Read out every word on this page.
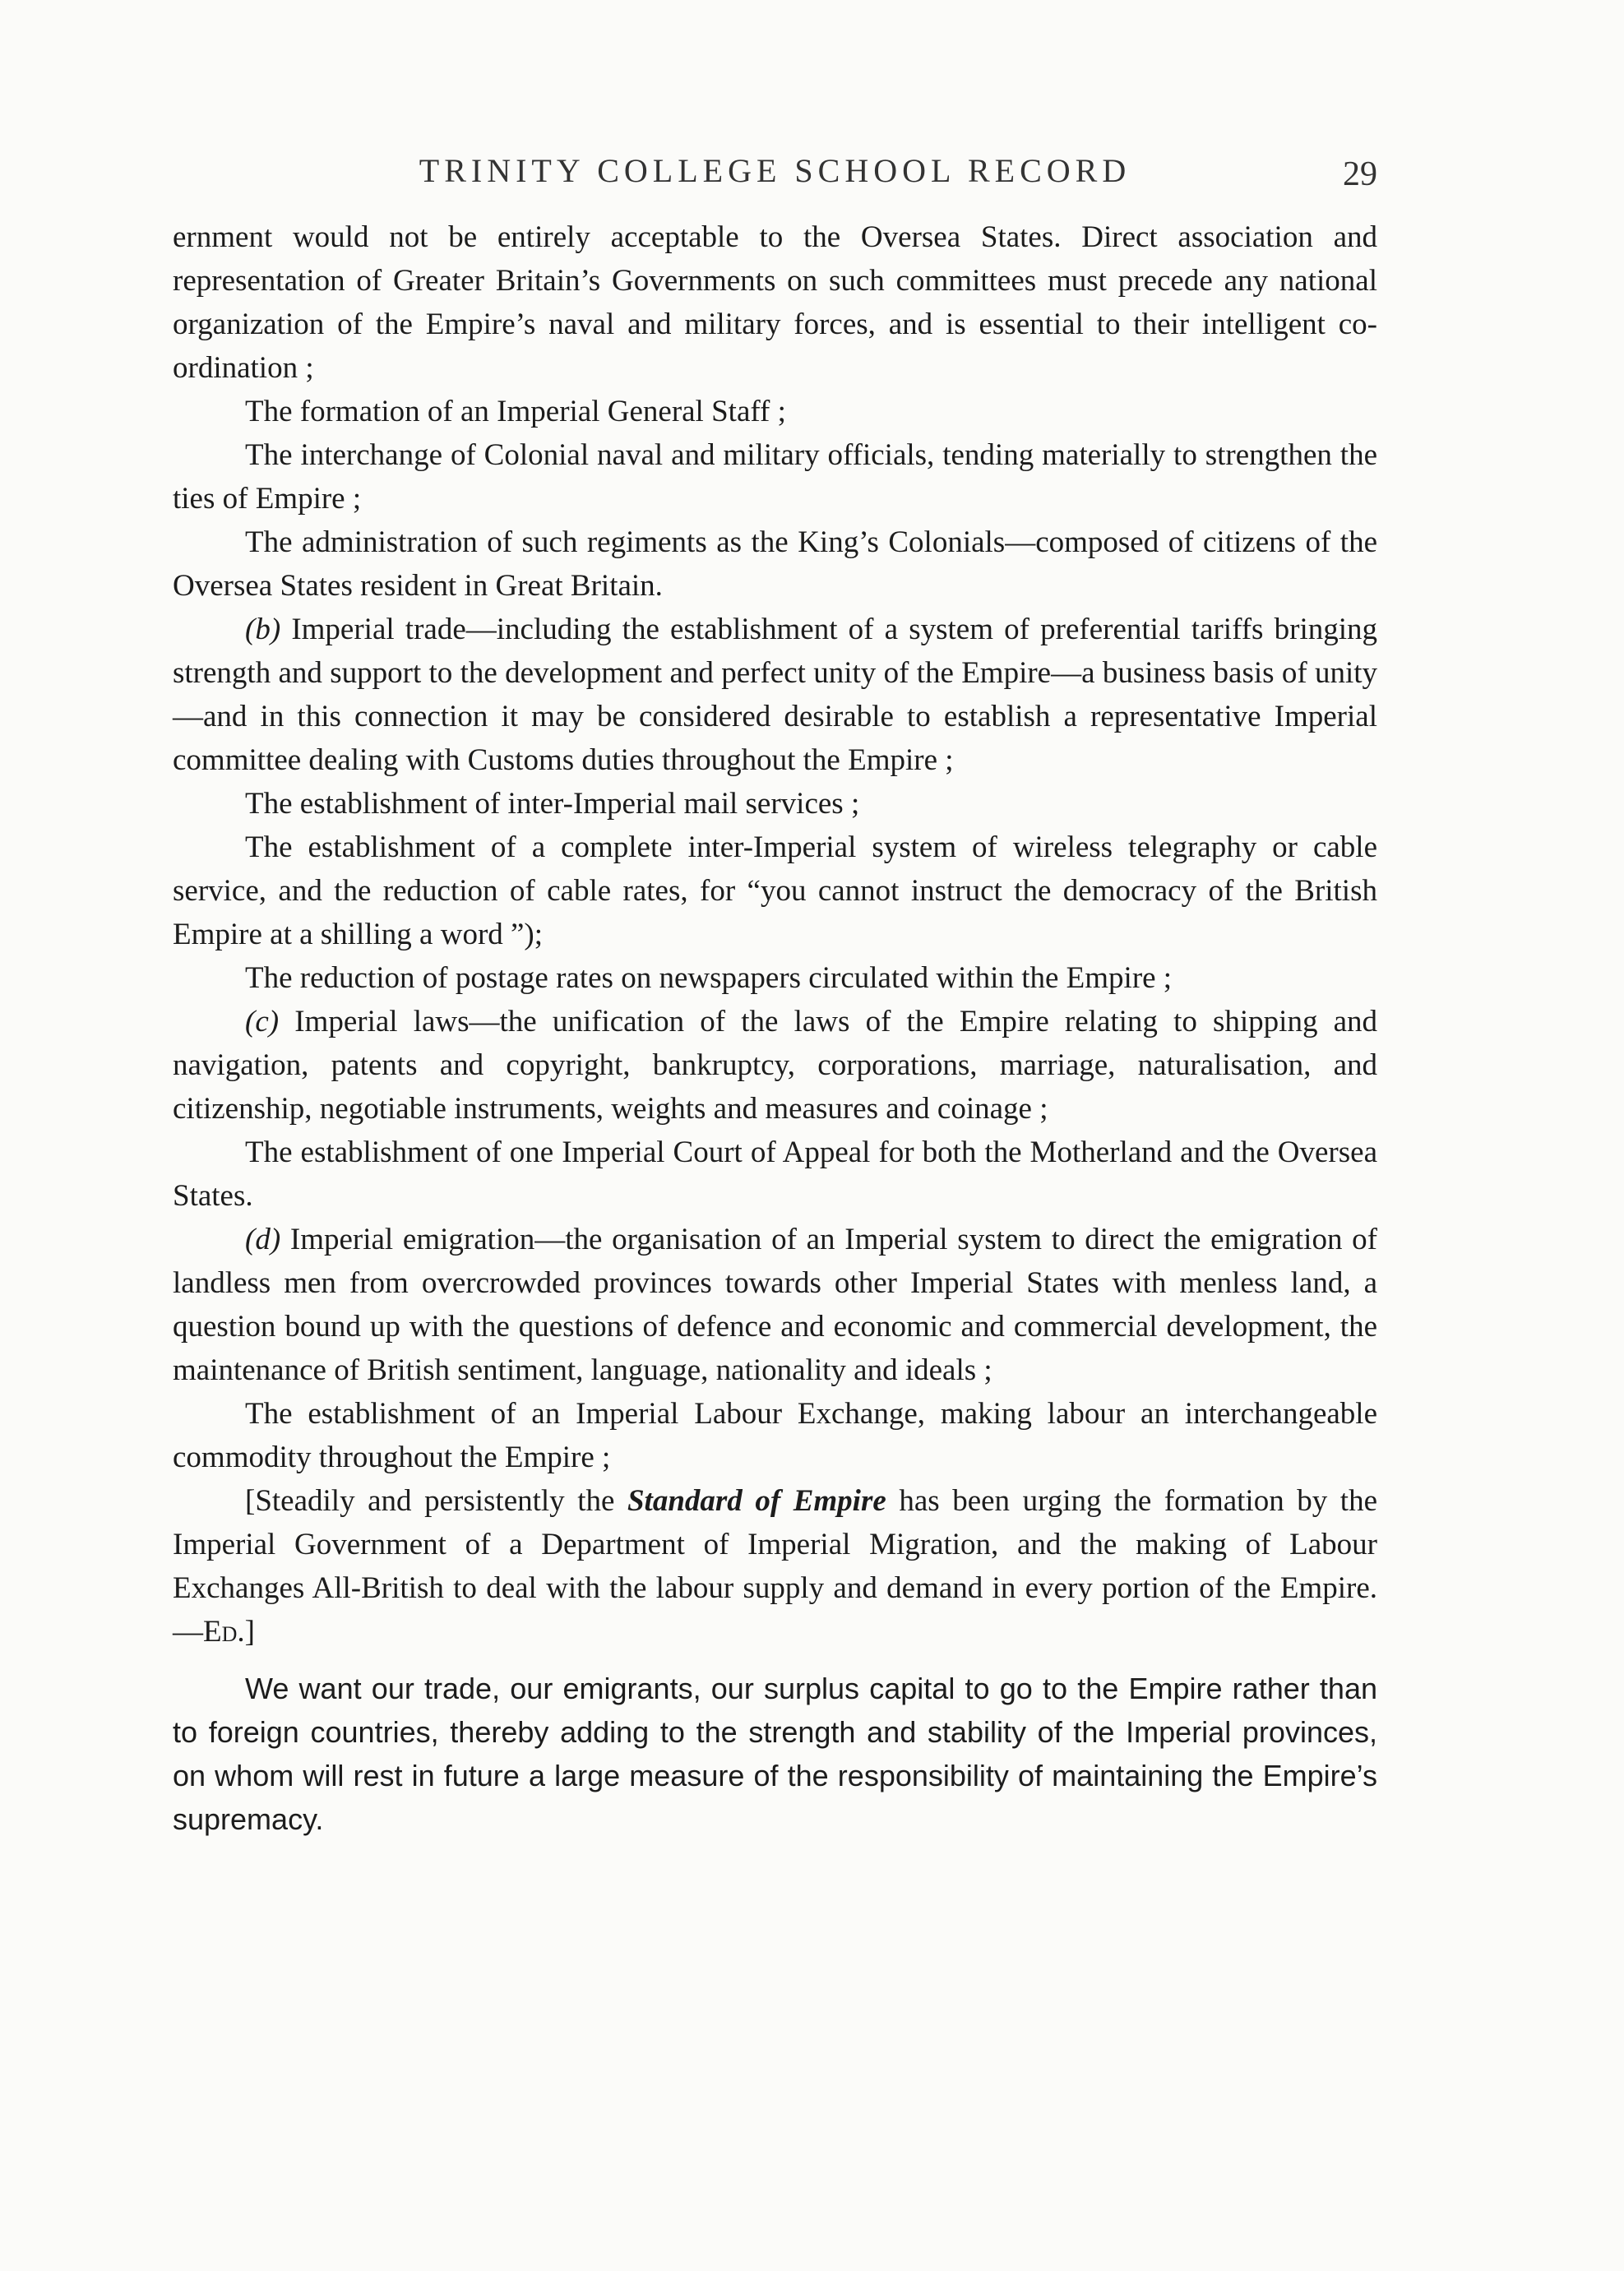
TRINITY COLLEGE SCHOOL RECORD	29

ernment would not be entirely acceptable to the Oversea States. Direct association and representation of Greater Britain’s Governments on such committees must precede any national organization of the Empire’s naval and military forces, and is essential to their intelligent co-ordination ;

The formation of an Imperial General Staff ;

The interchange of Colonial naval and military officials, tending materially to strengthen the ties of Empire ;

The administration of such regiments as the King’s Colonials—composed of citizens of the Oversea States resident in Great Britain.

(b) Imperial trade—including the establishment of a system of preferential tariffs bringing strength and support to the development and perfect unity of the Empire—a business basis of unity—and in this connection it may be considered desirable to establish a representative Imperial committee dealing with Customs duties throughout the Empire ;

The establishment of inter-Imperial mail services ;

The establishment of a complete inter-Imperial system of wireless telegraphy or cable service, and the reduction of cable rates, for “you cannot instruct the democracy of the British Empire at a shilling a word ”);

The reduction of postage rates on newspapers circulated within the Empire ;

(c) Imperial laws—the unification of the laws of the Empire relating to shipping and navigation, patents and copyright, bankruptcy, corporations, marriage, naturalisation, and citizenship, negotiable instruments, weights and measures and coinage ;

The establishment of one Imperial Court of Appeal for both the Motherland and the Oversea States.

(d) Imperial emigration—the organisation of an Imperial system to direct the emigration of landless men from overcrowded provinces towards other Imperial States with menless land, a question bound up with the questions of defence and economic and commercial development, the maintenance of British sentiment, language, nationality and ideals ;

The establishment of an Imperial Labour Exchange, making labour an interchangeable commodity throughout the Empire ;

[Steadily and persistently the Standard of Empire has been urging the formation by the Imperial Government of a Department of Imperial Migration, and the making of Labour Exchanges All-British to deal with the labour supply and demand in every portion of the Empire.—Ed.]

We want our trade, our emigrants, our surplus capital to go to the Empire rather than to foreign countries, thereby adding to the strength and stability of the Imperial provinces, on whom will rest in future a large measure of the responsibility of maintaining the Empire’s supremacy.
